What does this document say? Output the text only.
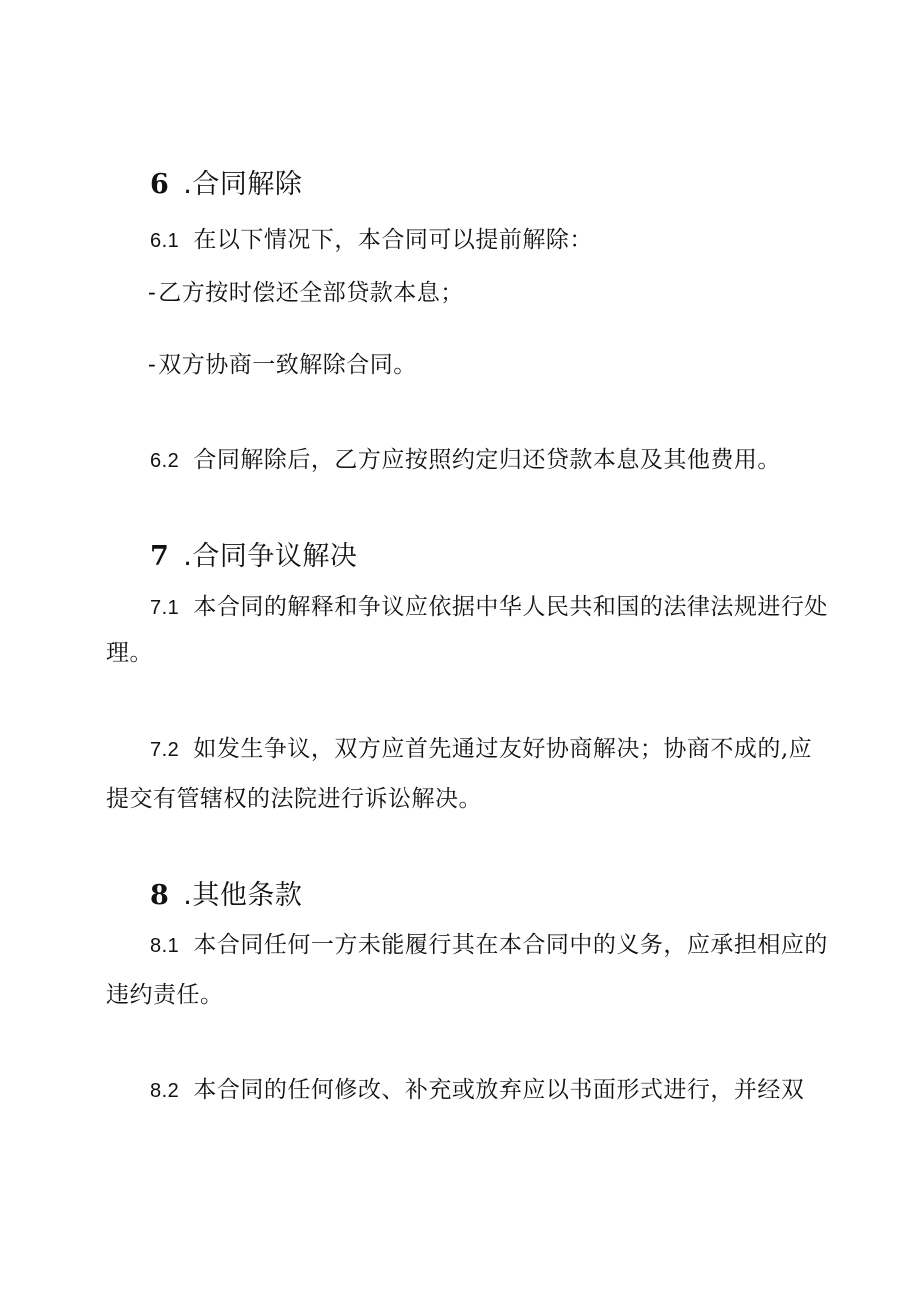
6 .合同解除
6.1 在以下情况下，本合同可以提前解除：
-乙方按时偿还全部贷款本息；
-双方协商一致解除合同。
6.2 合同解除后，乙方应按照约定归还贷款本息及其他费用。
7 .合同争议解决
7.1 本合同的解释和争议应依据中华人民共和国的法律法规进行处
理。
7.2 如发生争议，双方应首先通过友好协商解决；协商不成的,应
提交有管辖权的法院进行诉讼解决。
8 .其他条款
8.1 本合同任何一方未能履行其在本合同中的义务，应承担相应的
违约责任。
8.2 本合同的任何修改、补充或放弃应以书面形式进行，并经双
